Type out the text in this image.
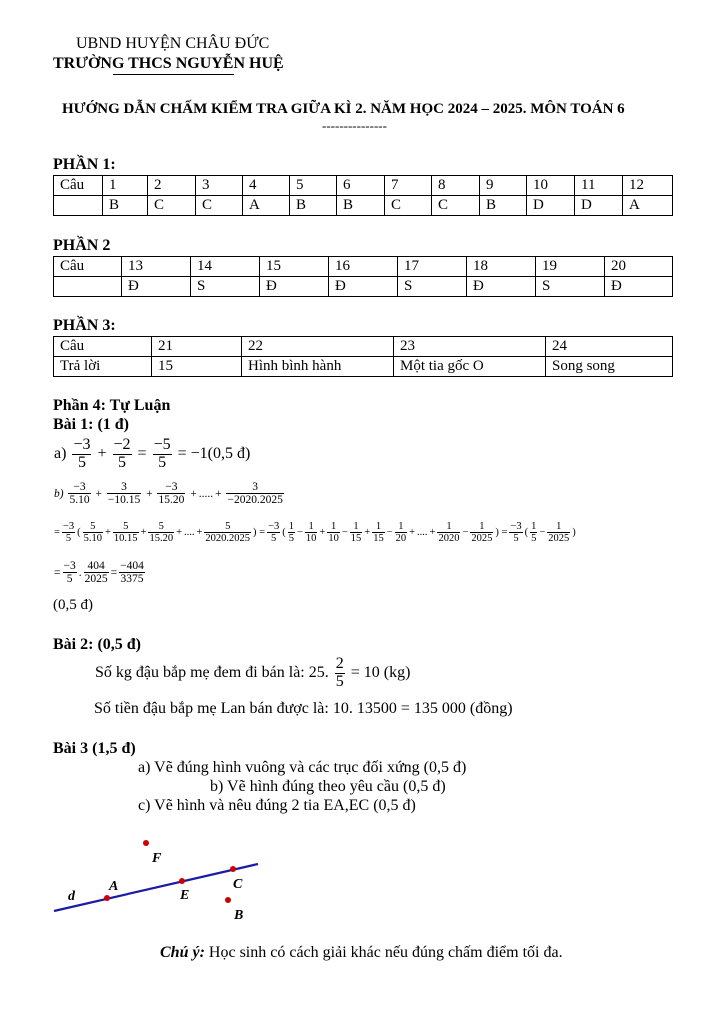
UBND HUYỆN CHÂU ĐỨC
TRƯỜNG THCS NGUYỄN HUỆ
HƯỚNG DẪN CHẤM KIỂM TRA GIỮA KÌ 2. NĂM HỌC 2024 – 2025. MÔN TOÁN 6
---------------
PHẦN 1:
Câu	1	2	3	4	5	6	7	8	9	10	11	12
	B	C	C	A	B	B	C	C	B	D	D	A
PHẦN 2
Câu	13	14	15	16	17	18	19	20
	Đ	S	Đ	Đ	S	Đ	S	Đ
PHẦN 3:
Câu	21	22	23	24
Trả lời	15	Hình bình hành	Một tia gốc O	Song song
Phần 4: Tự Luận
Bài 1: (1 đ)
$a) \frac{-3}{5} + \frac{-2}{5} = \frac{-5}{5} = -1(0,5$ đ)
$b) \frac{-3}{5.10} + \frac{3}{-10.15} + \frac{-3}{15.20}$ + ..... + $\frac{3}{-2020.2025}$
= $\frac{-3}{5}$ ( $\frac{5}{5.10} + \frac{5}{10.15} + \frac{5}{15.20}$ + .... + $\frac{5}{2020.2025}$ ) = $\frac{-3}{5}$ ( $\frac{1}{5} - \frac{1}{10} + \frac{1}{10} - \frac{1}{15} + \frac{1}{15} - \frac{1}{20}$ + .... + $\frac{1}{2020} - \frac{1}{2025}$ ) = $\frac{-3}{5}$ ( $\frac{1}{5} - \frac{1}{2025}$ )
= $\frac{-3}{5}$ . $\frac{404}{2025} = \frac{-404}{3375}$
(0,5 đ)
Bài 2: (0,5 đ)
Số kg đậu bắp mẹ đem đi bán là: 25. $\frac{2}{5} = 10$ (kg)
Số tiền đậu bắp mẹ Lan bán được là: 10. 13500 = 135 000 (đồng)
Bài 3 (1,5 đ)
a) Vẽ đúng hình vuông và các trục đối xứng (0,5 đ)
b) Vẽ hình đúng theo yêu cầu (0,5 đ)
c) Vẽ hình và nêu đúng 2 tia EA,EC (0,5 đ)
d
A
E
C
F
B
Chú ý: Học sinh có cách giải khác nếu đúng chấm điểm tối đa.
